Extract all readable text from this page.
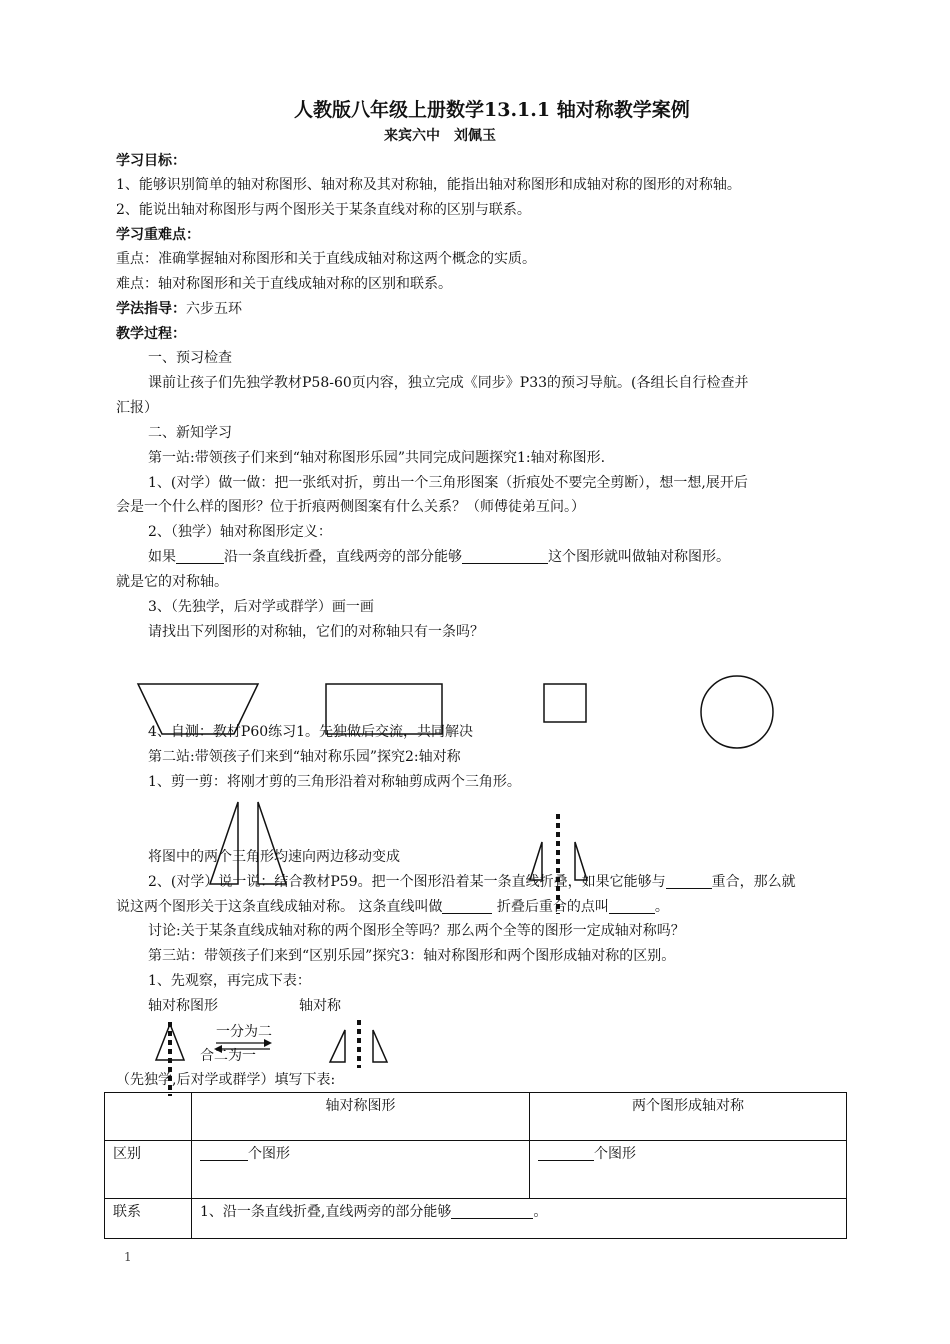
人教版八年级上册数学13.1.1 轴对称教学案例
来宾六中　刘佩玉
学习目标：
1、能够识别简单的轴对称图形、轴对称及其对称轴，能指出轴对称图形和成轴对称的图形的对称轴。
2、能说出轴对称图形与两个图形关于某条直线对称的区别与联系。
学习重难点：
重点：准确掌握轴对称图形和关于直线成轴对称这两个概念的实质。
难点：轴对称图形和关于直线成轴对称的区别和联系。
学法指导：六步五环
教学过程：
一、预习检查
课前让孩子们先独学教材P58-60页内容，独立完成《同步》P33的预习导航。(各组长自行检查并
汇报）
二、新知学习
第一站:带领孩子们来到“轴对称图形乐园”共同完成问题探究1:轴对称图形.
1、(对学）做一做：把一张纸对折，剪出一个三角形图案（折痕处不要完全剪断），想一想,展开后
会是一个什么样的图形？位于折痕两侧图案有什么关系？（师傅徒弟互问。）
2、（独学）轴对称图形定义：
如果	沿一条直线折叠，直线两旁的部分能够	这个图形就叫做轴对称图形。
就是它的对称轴。
3、（先独学，后对学或群学）画一画
请找出下列图形的对称轴，它们的对称轴只有一条吗？
4、自测：教材P60练习1。先独做后交流，共同解决
第二站:带领孩子们来到“轴对称乐园”探究2:轴对称
1、剪一剪：将刚才剪的三角形沿着对称轴剪成两个三角形。
将图中的两个三角形均速向两边移动变成
2、(对学）说一说：结合教材P59。把一个图形沿着某一条直线折叠，如果它能够与	重合，那么就
说这两个图形关于这条直线成轴对称。 这条直线叫做	折叠后重合的点叫	。
讨论:关于某条直线成轴对称的两个图形全等吗？那么两个全等的图形一定成轴对称吗？
第三站：带领孩子们来到“区别乐园”探究3：轴对称图形和两个图形成轴对称的区别。
1、先观察，再完成下表：
轴对称图形	轴对称
一分为二
合二为一
（先独学,后对学或群学）填写下表:
	轴对称图形	两个图形成轴对称
区别	个图形	个图形
联系	1、沿一条直线折叠,直线两旁的部分能够 。	
1
